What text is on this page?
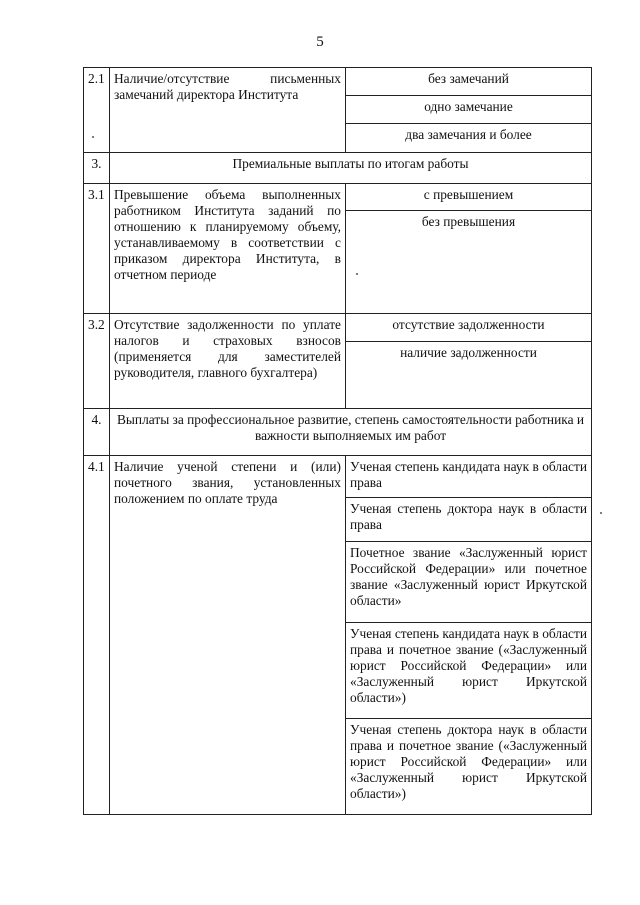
5
2.1	Наличие/отсутствие письменных замечаний директора Института	без замечаний
		одно замечание
		два замечания и более
3.	Премиальные выплаты по итогам работы	
3.1	Превышение объема выполненных работником Института заданий по отношению к планируемому объему, устанавливаемому в соответствии с приказом директора Института, в отчетном периоде	с превышением
		без превышения
3.2	Отсутствие задолженности по уплате налогов и страховых взносов (применяется для заместителей руководителя, главного бухгалтера)	отсутствие задолженности
		наличие задолженности
4.	Выплаты за профессиональное развитие, степень самостоятельности работника и важности выполняемых им работ	
4.1	Наличие ученой степени и (или) почетного звания, установленных положением по оплате труда	Ученая степень кандидата наук в области права
		Ученая степень доктора наук в области права
		Почетное звание «Заслуженный юрист Российской Федерации» или почетное звание «Заслуженный юрист Иркутской области»
		Ученая степень кандидата наук в области права и почетное звание («Заслуженный юрист Российской Федерации» или «Заслуженный юрист Иркутской области»)
		Ученая степень доктора наук в области права и почетное звание («Заслуженный юрист Российской Федерации» или «Заслуженный юрист Иркутской области»)
